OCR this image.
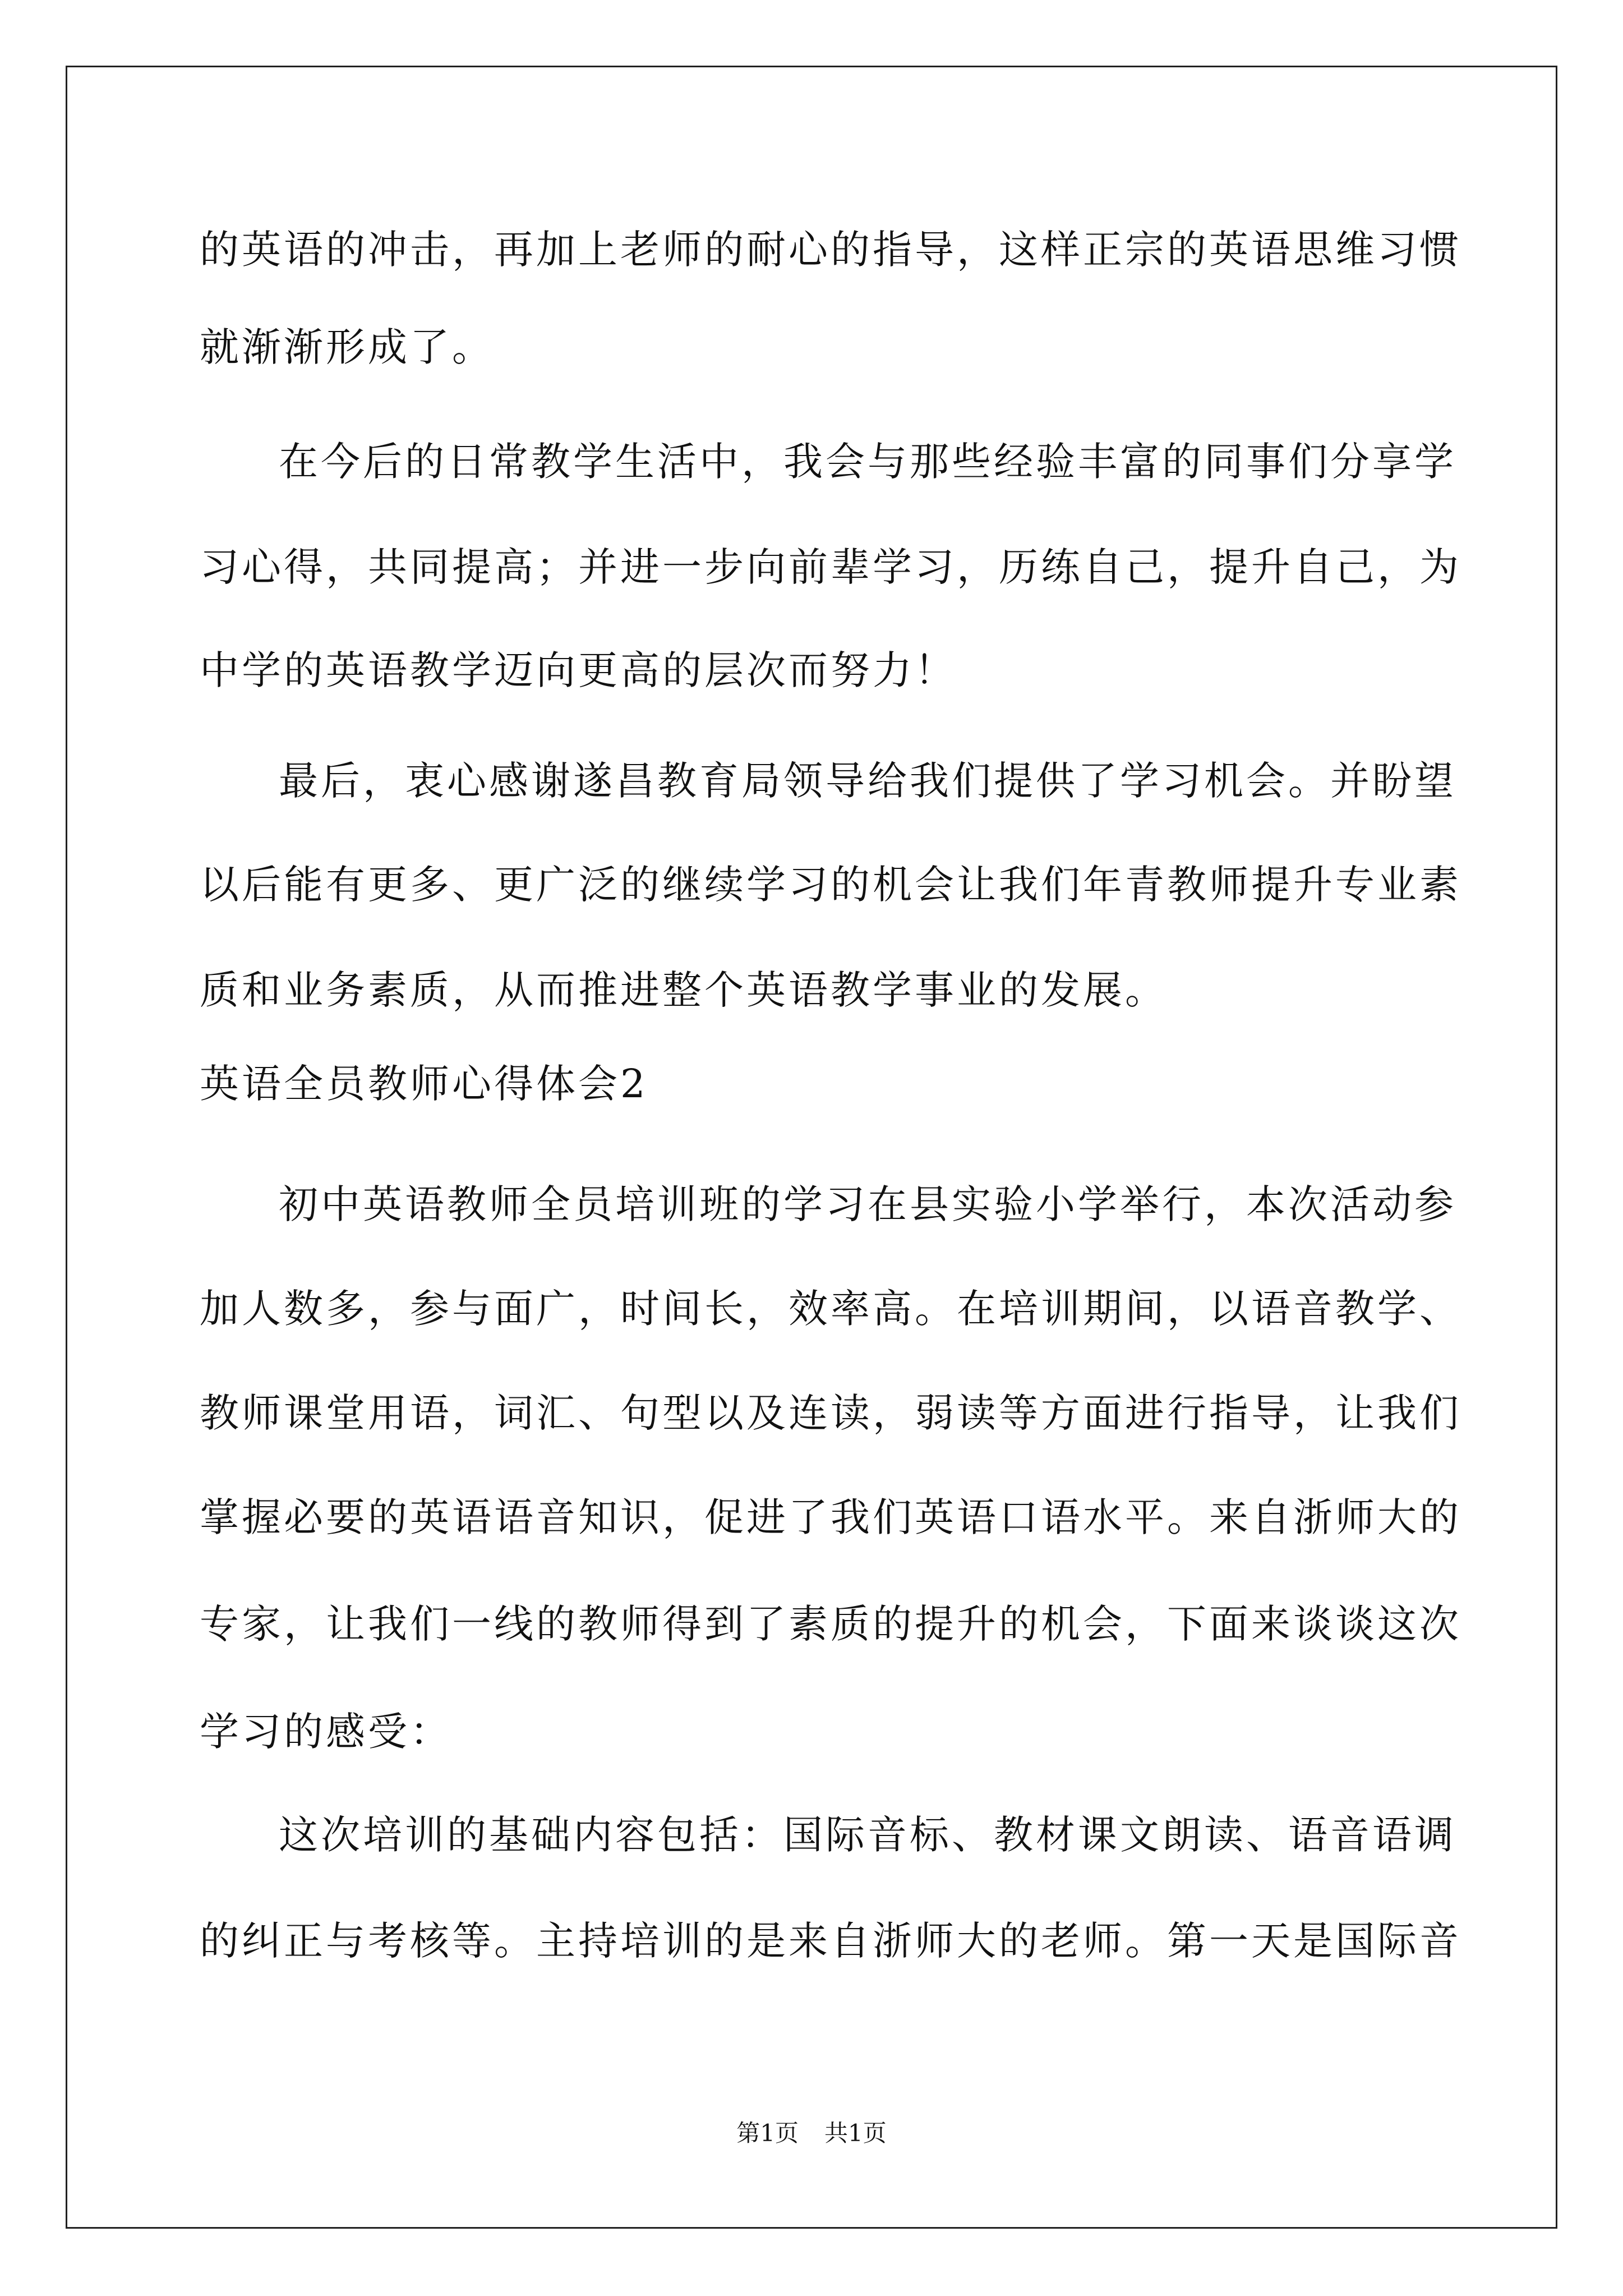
的英语的冲击，再加上老师的耐心的指导，这样正宗的英语思维习惯
就渐渐形成了。
在今后的日常教学生活中，我会与那些经验丰富的同事们分享学
习心得，共同提高；并进一步向前辈学习，历练自己，提升自己，为
中学的英语教学迈向更高的层次而努力！
最后，衷心感谢遂昌教育局领导给我们提供了学习机会。并盼望
以后能有更多、更广泛的继续学习的机会让我们年青教师提升专业素
质和业务素质，从而推进整个英语教学事业的发展。
英语全员教师心得体会2
初中英语教师全员培训班的学习在县实验小学举行，本次活动参
加人数多，参与面广，时间长，效率高。在培训期间，以语音教学、
教师课堂用语，词汇、句型以及连读，弱读等方面进行指导，让我们
掌握必要的英语语音知识，促进了我们英语口语水平。来自浙师大的
专家，让我们一线的教师得到了素质的提升的机会，下面来谈谈这次
学习的感受：
这次培训的基础内容包括：国际音标、教材课文朗读、语音语调
的纠正与考核等。主持培训的是来自浙师大的老师。第一天是国际音
第1页 共1页
